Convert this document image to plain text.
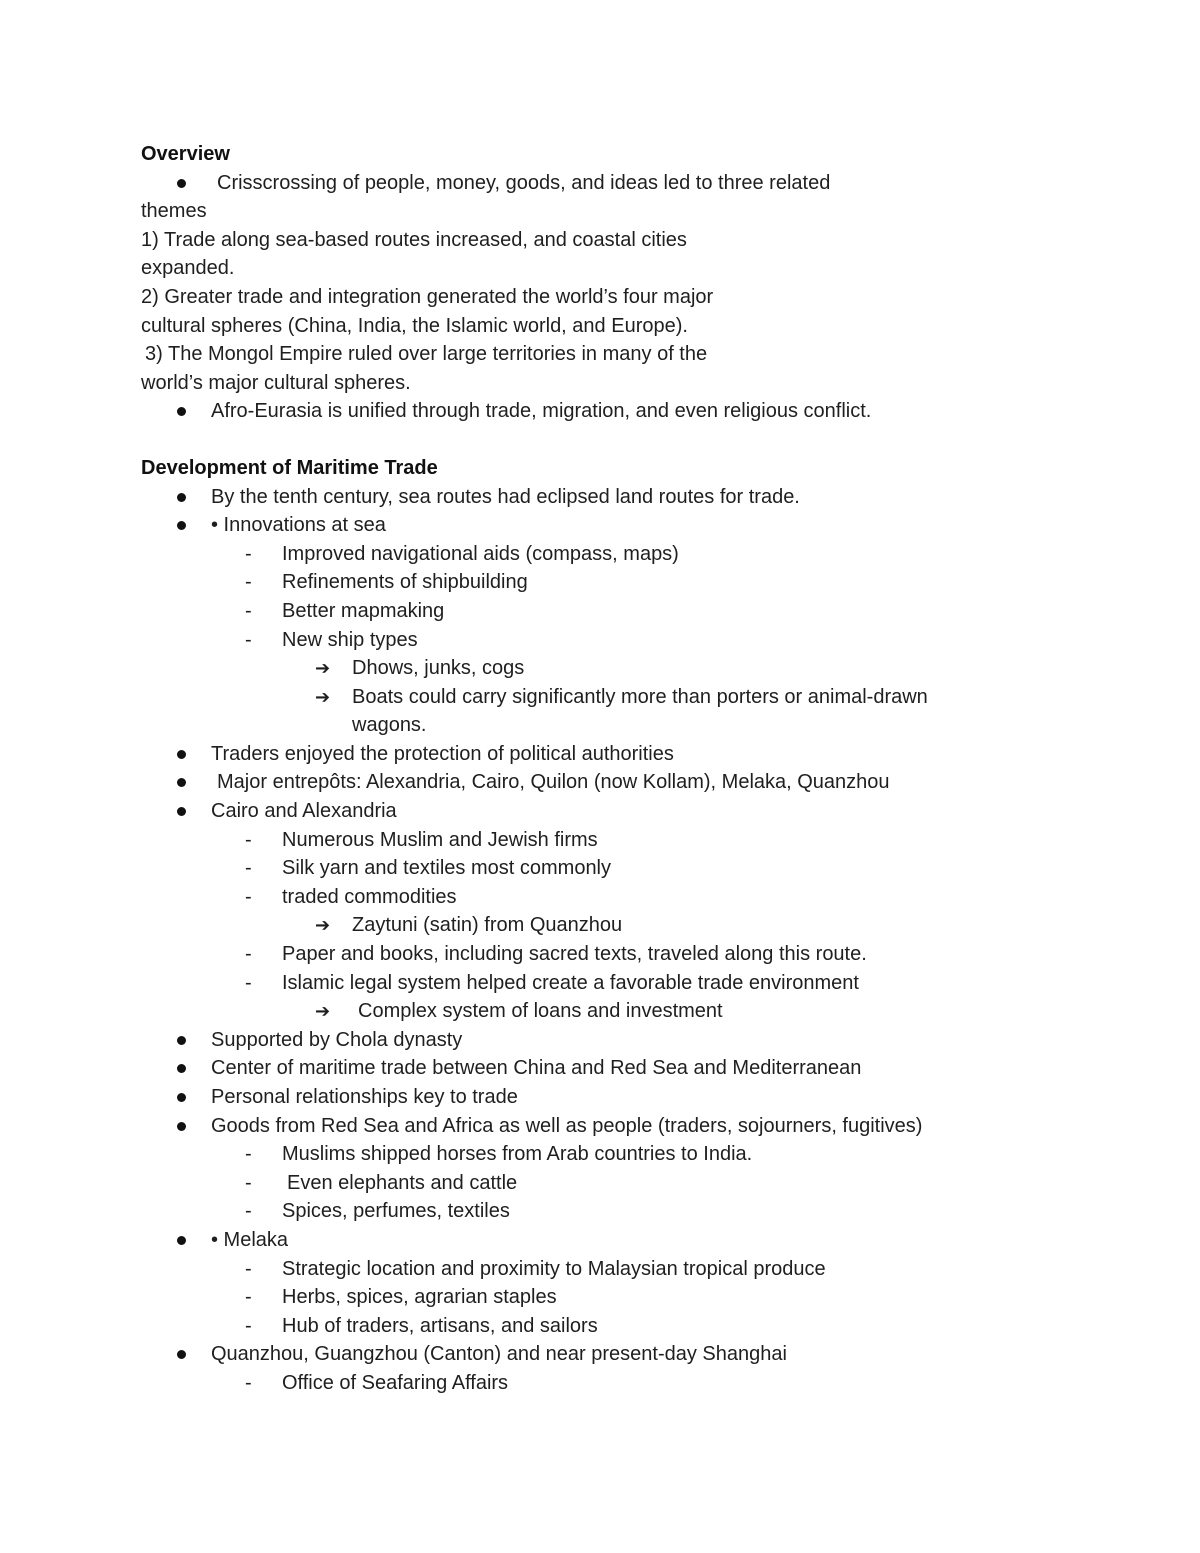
Overview
Crisscrossing of people, money, goods, and ideas led to three related
themes
1) Trade along sea-based routes increased, and coastal cities
expanded.
2) Greater trade and integration generated the world’s four major
cultural spheres (China, India, the Islamic world, and Europe).
3) The Mongol Empire ruled over large territories in many of the
world’s major cultural spheres.
Afro-Eurasia is unified through trade, migration, and even religious conflict.
Development of Maritime Trade
By the tenth century, sea routes had eclipsed land routes for trade.
• Innovations at sea
- Improved navigational aids (compass, maps)
- Refinements of shipbuilding
- Better mapmaking
- New ship types
➔ Dhows, junks, cogs
➔ Boats could carry significantly more than porters or animal-drawn
wagons.
Traders enjoyed the protection of political authorities
Major entrepôts: Alexandria, Cairo, Quilon (now Kollam), Melaka, Quanzhou
Cairo and Alexandria
- Numerous Muslim and Jewish firms
- Silk yarn and textiles most commonly
- traded commodities
➔ Zaytuni (satin) from Quanzhou
- Paper and books, including sacred texts, traveled along this route.
- Islamic legal system helped create a favorable trade environment
➔ Complex system of loans and investment
Supported by Chola dynasty
Center of maritime trade between China and Red Sea and Mediterranean
Personal relationships key to trade
Goods from Red Sea and Africa as well as people (traders, sojourners, fugitives)
- Muslims shipped horses from Arab countries to India.
- Even elephants and cattle
- Spices, perfumes, textiles
• Melaka
- Strategic location and proximity to Malaysian tropical produce
- Herbs, spices, agrarian staples
- Hub of traders, artisans, and sailors
Quanzhou, Guangzhou (Canton) and near present-day Shanghai
- Office of Seafaring Affairs
